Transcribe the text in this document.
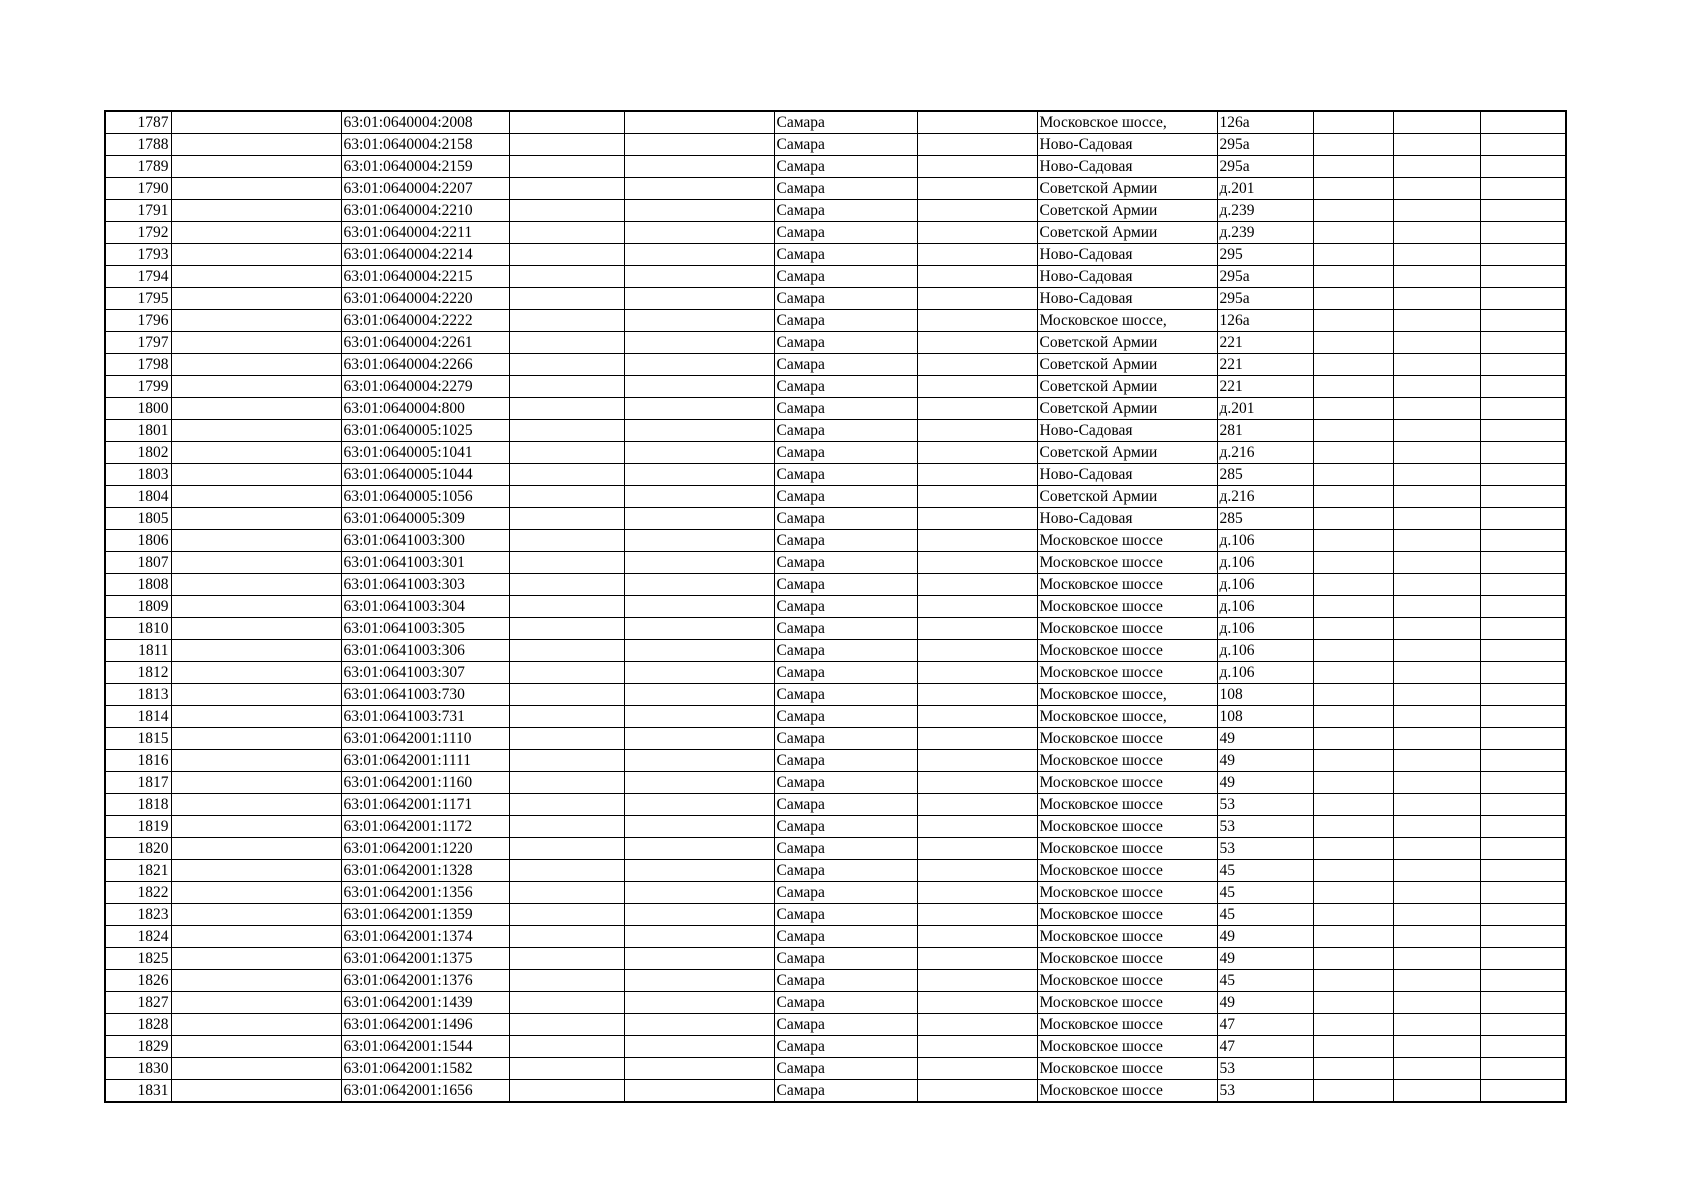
1787		63:01:0640004:2008			Самара		Московское шоссе,	126а			
1788		63:01:0640004:2158			Самара		Ново-Садовая	295а			
1789		63:01:0640004:2159			Самара		Ново-Садовая	295а			
1790		63:01:0640004:2207			Самара		Советской Армии	д.201			
1791		63:01:0640004:2210			Самара		Советской Армии	д.239			
1792		63:01:0640004:2211			Самара		Советской Армии	д.239			
1793		63:01:0640004:2214			Самара		Ново-Садовая	295			
1794		63:01:0640004:2215			Самара		Ново-Садовая	295а			
1795		63:01:0640004:2220			Самара		Ново-Садовая	295а			
1796		63:01:0640004:2222			Самара		Московское шоссе,	126а			
1797		63:01:0640004:2261			Самара		Советской Армии	221			
1798		63:01:0640004:2266			Самара		Советской Армии	221			
1799		63:01:0640004:2279			Самара		Советской Армии	221			
1800		63:01:0640004:800			Самара		Советской Армии	д.201			
1801		63:01:0640005:1025			Самара		Ново-Садовая	281			
1802		63:01:0640005:1041			Самара		Советской Армии	д.216			
1803		63:01:0640005:1044			Самара		Ново-Садовая	285			
1804		63:01:0640005:1056			Самара		Советской Армии	д.216			
1805		63:01:0640005:309			Самара		Ново-Садовая	285			
1806		63:01:0641003:300			Самара		Московское шоссе	д.106			
1807		63:01:0641003:301			Самара		Московское шоссе	д.106			
1808		63:01:0641003:303			Самара		Московское шоссе	д.106			
1809		63:01:0641003:304			Самара		Московское шоссе	д.106			
1810		63:01:0641003:305			Самара		Московское шоссе	д.106			
1811		63:01:0641003:306			Самара		Московское шоссе	д.106			
1812		63:01:0641003:307			Самара		Московское шоссе	д.106			
1813		63:01:0641003:730			Самара		Московское шоссе,	108			
1814		63:01:0641003:731			Самара		Московское шоссе,	108			
1815		63:01:0642001:1110			Самара		Московское шоссе	49			
1816		63:01:0642001:1111			Самара		Московское шоссе	49			
1817		63:01:0642001:1160			Самара		Московское шоссе	49			
1818		63:01:0642001:1171			Самара		Московское шоссе	53			
1819		63:01:0642001:1172			Самара		Московское шоссе	53			
1820		63:01:0642001:1220			Самара		Московское шоссе	53			
1821		63:01:0642001:1328			Самара		Московское шоссе	45			
1822		63:01:0642001:1356			Самара		Московское шоссе	45			
1823		63:01:0642001:1359			Самара		Московское шоссе	45			
1824		63:01:0642001:1374			Самара		Московское шоссе	49			
1825		63:01:0642001:1375			Самара		Московское шоссе	49			
1826		63:01:0642001:1376			Самара		Московское шоссе	45			
1827		63:01:0642001:1439			Самара		Московское шоссе	49			
1828		63:01:0642001:1496			Самара		Московское шоссе	47			
1829		63:01:0642001:1544			Самара		Московское шоссе	47			
1830		63:01:0642001:1582			Самара		Московское шоссе	53			
1831		63:01:0642001:1656			Самара		Московское шоссе	53			
